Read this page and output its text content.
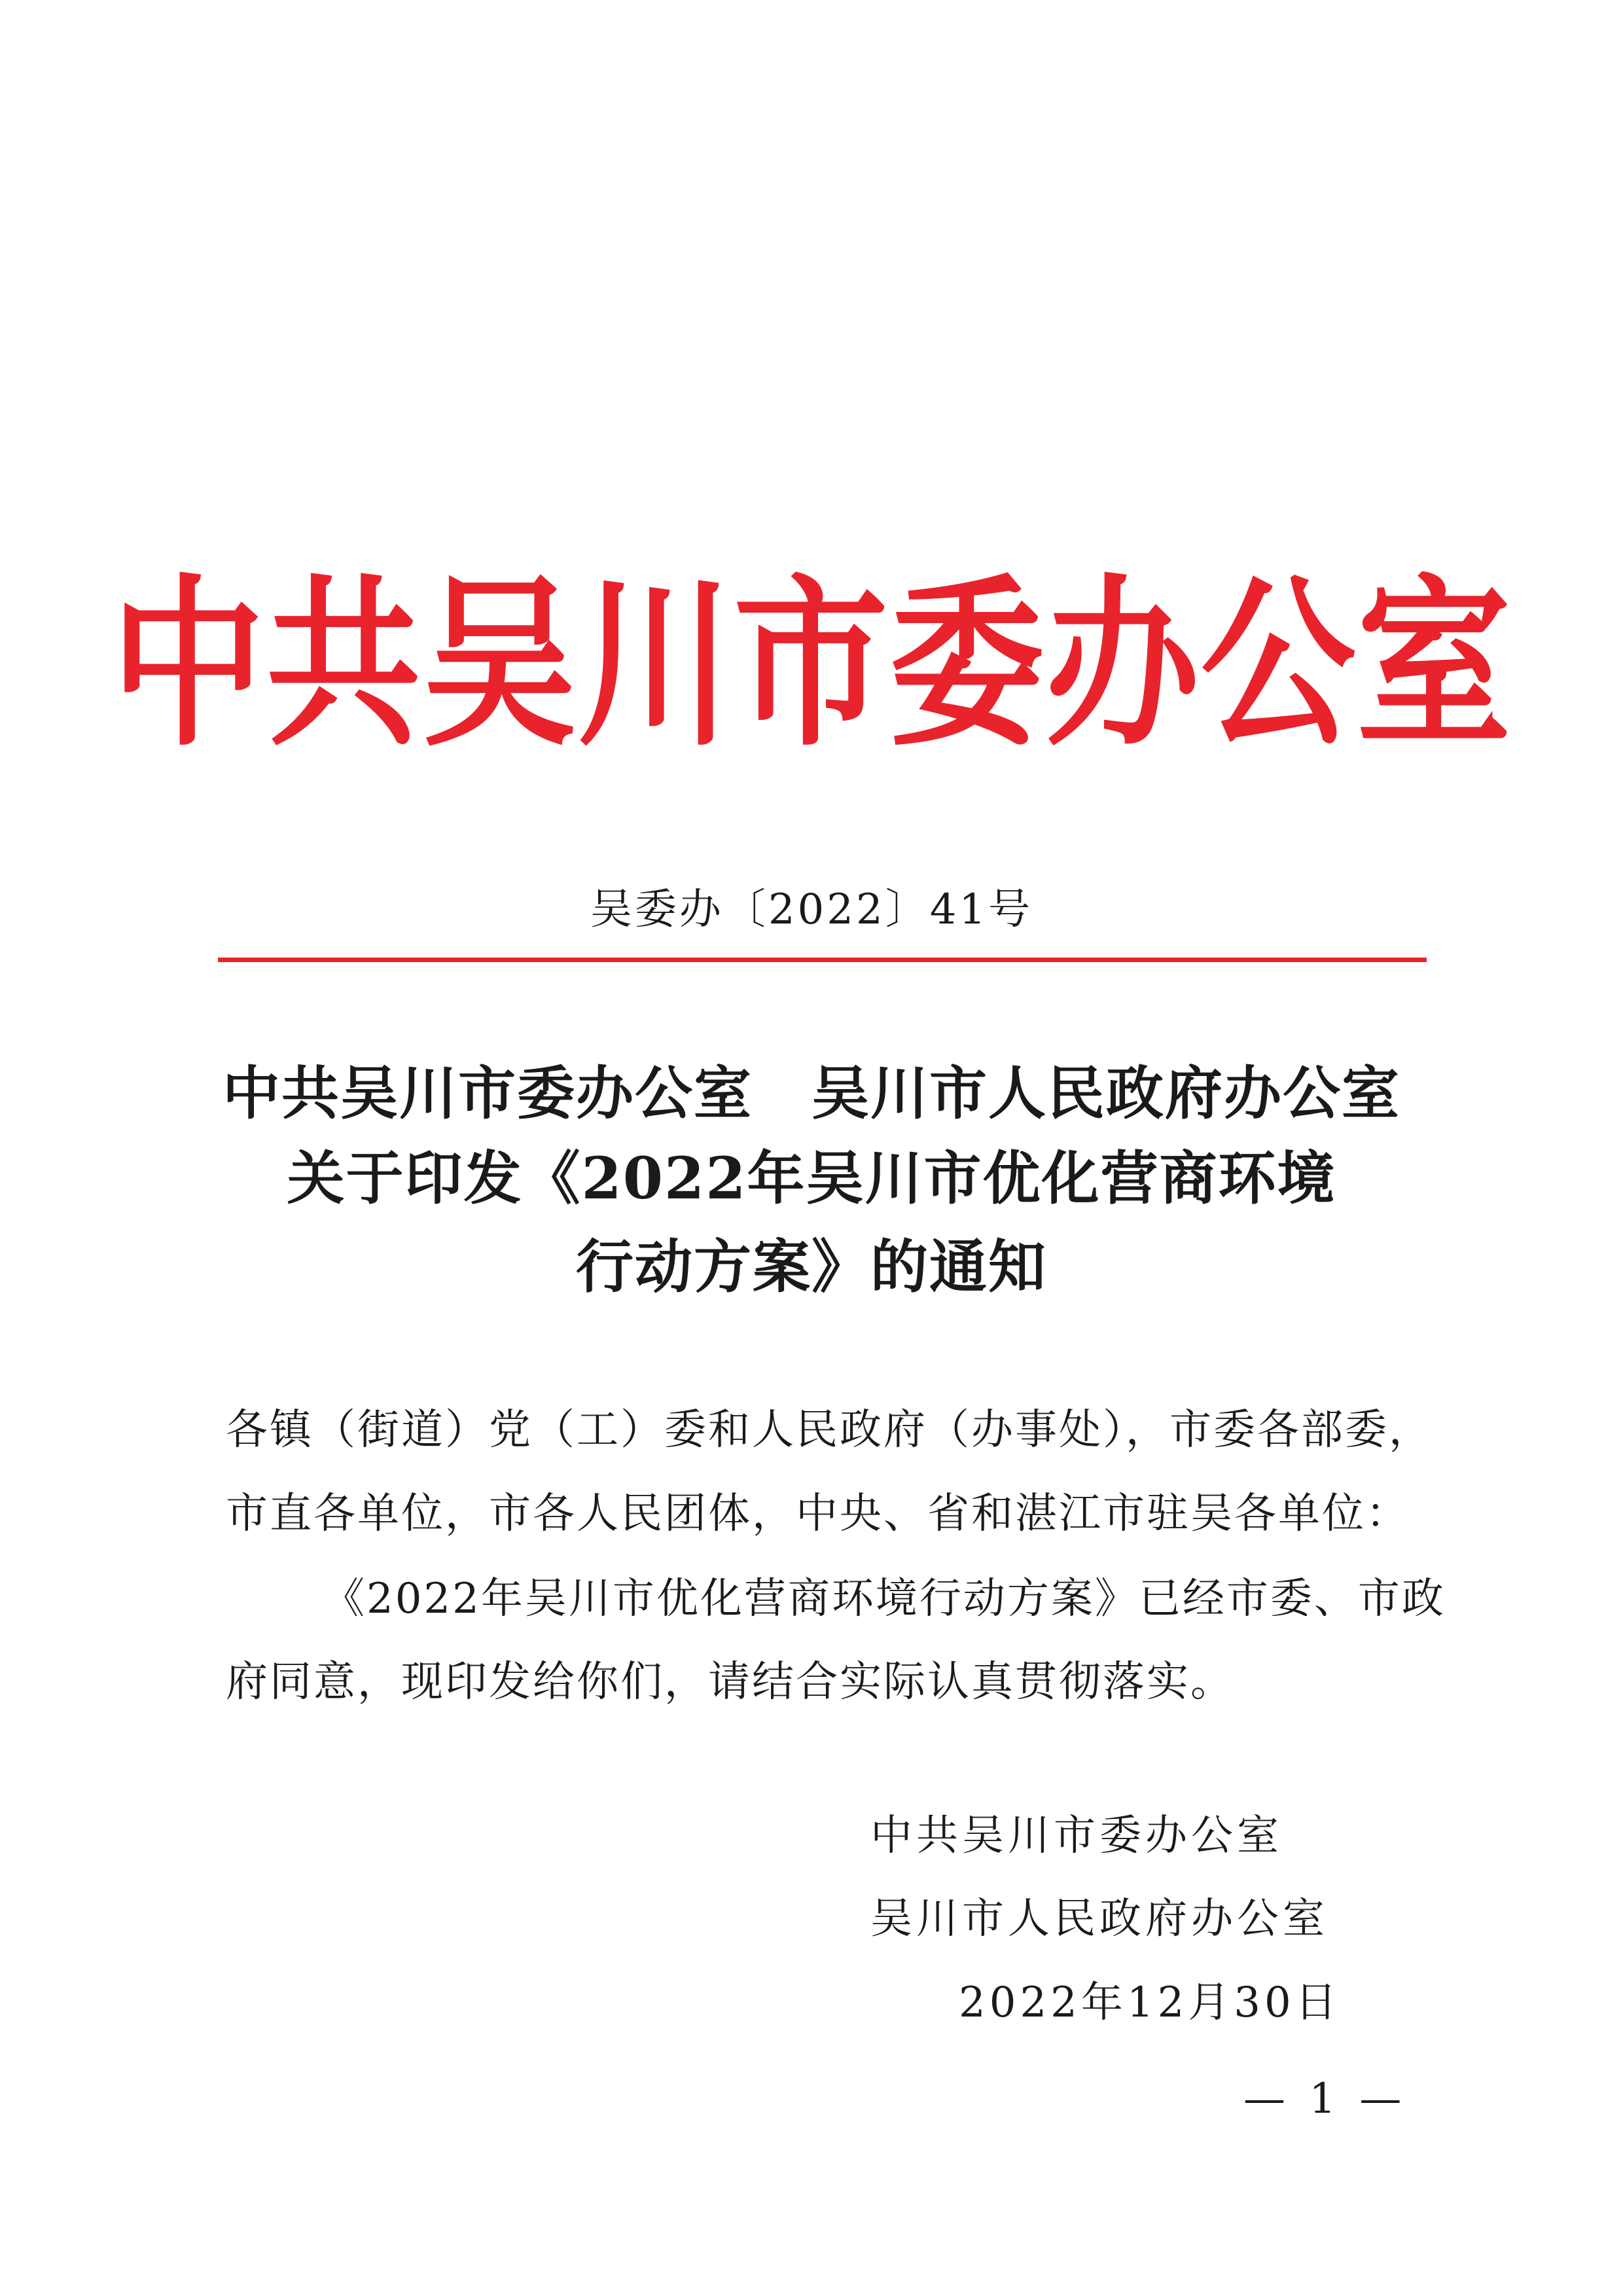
中共吴川市委办公室
吴委办〔2022〕41号
中共吴川市委办公室　吴川市人民政府办公室
关于印发《2022年吴川市优化营商环境
行动方案》的通知
各镇（街道）党（工）委和人民政府（办事处），市委各部委，
市直各单位，市各人民团体，中央、省和湛江市驻吴各单位：
《2022年吴川市优化营商环境行动方案》已经市委、市政
府同意，现印发给你们，请结合实际认真贯彻落实。
中共吴川市委办公室
吴川市人民政府办公室
2022年12月30日
— 1 —
